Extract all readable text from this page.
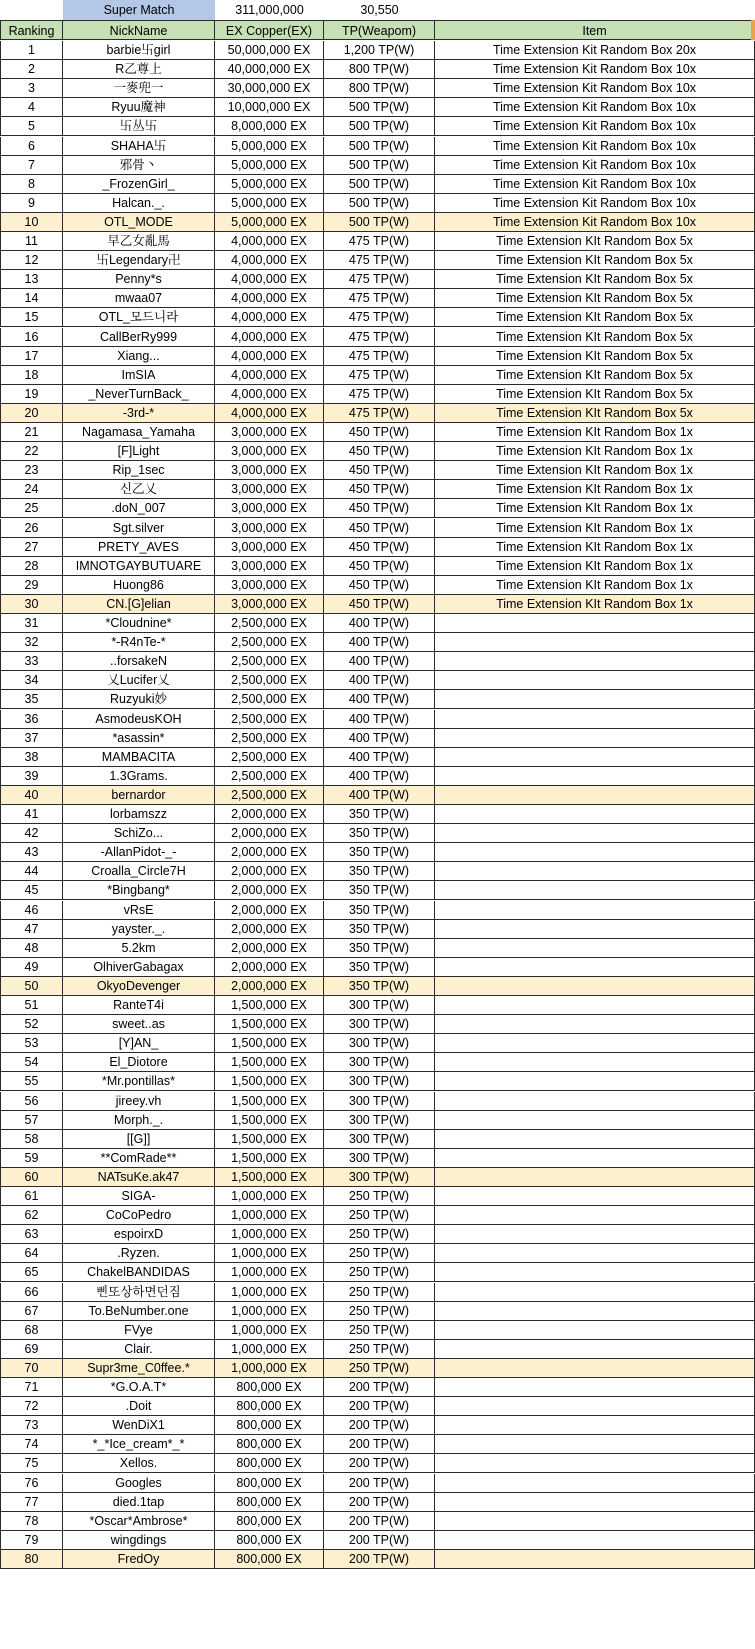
Super Match	311,000,000	30,550
Ranking	NickName	EX Copper(EX)	TP(Weapom)	Item
1	barbie卐girl	50,000,000 EX	1,200 TP(W)	Time Extension Kit Random Box 20x
2	R乙尊上	40,000,000 EX	800 TP(W)	Time Extension Kit Random Box 10x
3	一麥兜一	30,000,000 EX	800 TP(W)	Time Extension Kit Random Box 10x
4	Ryuu魔神	10,000,000 EX	500 TP(W)	Time Extension Kit Random Box 10x
5	卐丛卐	8,000,000 EX	500 TP(W)	Time Extension Kit Random Box 10x
6	SHAHA卐	5,000,000 EX	500 TP(W)	Time Extension Kit Random Box 10x
7	邪骨丶	5,000,000 EX	500 TP(W)	Time Extension Kit Random Box 10x
8	_FrozenGirl_	5,000,000 EX	500 TP(W)	Time Extension Kit Random Box 10x
9	Halcan._.	5,000,000 EX	500 TP(W)	Time Extension Kit Random Box 10x
10	OTL_MODE	5,000,000 EX	500 TP(W)	Time Extension Kit Random Box 10x
11	早乙女亂馬	4,000,000 EX	475 TP(W)	Time Extension KIt Random Box 5x
12	卐Legendary卍	4,000,000 EX	475 TP(W)	Time Extension KIt Random Box 5x
13	Penny*s	4,000,000 EX	475 TP(W)	Time Extension KIt Random Box 5x
14	mwaa07	4,000,000 EX	475 TP(W)	Time Extension KIt Random Box 5x
15	OTL_모드니라	4,000,000 EX	475 TP(W)	Time Extension KIt Random Box 5x
16	CallBerRy999	4,000,000 EX	475 TP(W)	Time Extension KIt Random Box 5x
17	Xiang...	4,000,000 EX	475 TP(W)	Time Extension KIt Random Box 5x
18	ImSIA	4,000,000 EX	475 TP(W)	Time Extension KIt Random Box 5x
19	_NeverTurnBack_	4,000,000 EX	475 TP(W)	Time Extension KIt Random Box 5x
20	-3rd-*	4,000,000 EX	475 TP(W)	Time Extension KIt Random Box 5x
21	Nagamasa_Yamaha	3,000,000 EX	450 TP(W)	Time Extension KIt Random Box 1x
22	[F]Light	3,000,000 EX	450 TP(W)	Time Extension KIt Random Box 1x
23	Rip_1sec	3,000,000 EX	450 TP(W)	Time Extension KIt Random Box 1x
24	신乙乂	3,000,000 EX	450 TP(W)	Time Extension KIt Random Box 1x
25	.doN_007	3,000,000 EX	450 TP(W)	Time Extension KIt Random Box 1x
26	Sgt.silver	3,000,000 EX	450 TP(W)	Time Extension KIt Random Box 1x
27	PRETY_AVES	3,000,000 EX	450 TP(W)	Time Extension KIt Random Box 1x
28	IMNOTGAYBUTUARE	3,000,000 EX	450 TP(W)	Time Extension KIt Random Box 1x
29	Huong86	3,000,000 EX	450 TP(W)	Time Extension KIt Random Box 1x
30	CN.[G]elian	3,000,000 EX	450 TP(W)	Time Extension KIt Random Box 1x
31	*Cloudnine*	2,500,000 EX	400 TP(W)
32	*-R4nTe-*	2,500,000 EX	400 TP(W)
33	..forsakeN	2,500,000 EX	400 TP(W)
34	乂Lucifer乂	2,500,000 EX	400 TP(W)
35	Ruzyuki妙	2,500,000 EX	400 TP(W)
36	AsmodeusKOH	2,500,000 EX	400 TP(W)
37	*asassin*	2,500,000 EX	400 TP(W)
38	MAMBACITA	2,500,000 EX	400 TP(W)
39	1.3Grams.	2,500,000 EX	400 TP(W)
40	bernardor	2,500,000 EX	400 TP(W)
41	lorbamszz	2,000,000 EX	350 TP(W)
42	SchiZo...	2,000,000 EX	350 TP(W)
43	-AllanPidot-_-	2,000,000 EX	350 TP(W)
44	Croalla_Circle7H	2,000,000 EX	350 TP(W)
45	*Bingbang*	2,000,000 EX	350 TP(W)
46	vRsE	2,000,000 EX	350 TP(W)
47	yayster._.	2,000,000 EX	350 TP(W)
48	5.2km	2,000,000 EX	350 TP(W)
49	OlhiverGabagax	2,000,000 EX	350 TP(W)
50	OkyoDevenger	2,000,000 EX	350 TP(W)
51	RanteT4i	1,500,000 EX	300 TP(W)
52	sweet..as	1,500,000 EX	300 TP(W)
53	[Y]AN_	1,500,000 EX	300 TP(W)
54	El_Diotore	1,500,000 EX	300 TP(W)
55	*Mr.pontillas*	1,500,000 EX	300 TP(W)
56	jireey.vh	1,500,000 EX	300 TP(W)
57	Morph._.	1,500,000 EX	300 TP(W)
58	[[G]]	1,500,000 EX	300 TP(W)
59	**ComRade**	1,500,000 EX	300 TP(W)
60	NATsuKe.ak47	1,500,000 EX	300 TP(W)
61	SIGA-	1,000,000 EX	250 TP(W)
62	CoCoPedro	1,000,000 EX	250 TP(W)
63	espoirxD	1,000,000 EX	250 TP(W)
64	.Ryzen.	1,000,000 EX	250 TP(W)
65	ChakelBANDIDAS	1,000,000 EX	250 TP(W)
66	삔또상하면던짐	1,000,000 EX	250 TP(W)
67	To.BeNumber.one	1,000,000 EX	250 TP(W)
68	FVye	1,000,000 EX	250 TP(W)
69	Clair.	1,000,000 EX	250 TP(W)
70	Supr3me_C0ffee.*	1,000,000 EX	250 TP(W)
71	*G.O.A.T*	800,000 EX	200 TP(W)
72	.Doit	800,000 EX	200 TP(W)
73	WenDiX1	800,000 EX	200 TP(W)
74	*_*Ice_cream*_*	800,000 EX	200 TP(W)
75	Xellos.	800,000 EX	200 TP(W)
76	Googles	800,000 EX	200 TP(W)
77	died.1tap	800,000 EX	200 TP(W)
78	*Oscar*Ambrose*	800,000 EX	200 TP(W)
79	wingdings	800,000 EX	200 TP(W)
80	FredOy	800,000 EX	200 TP(W)
